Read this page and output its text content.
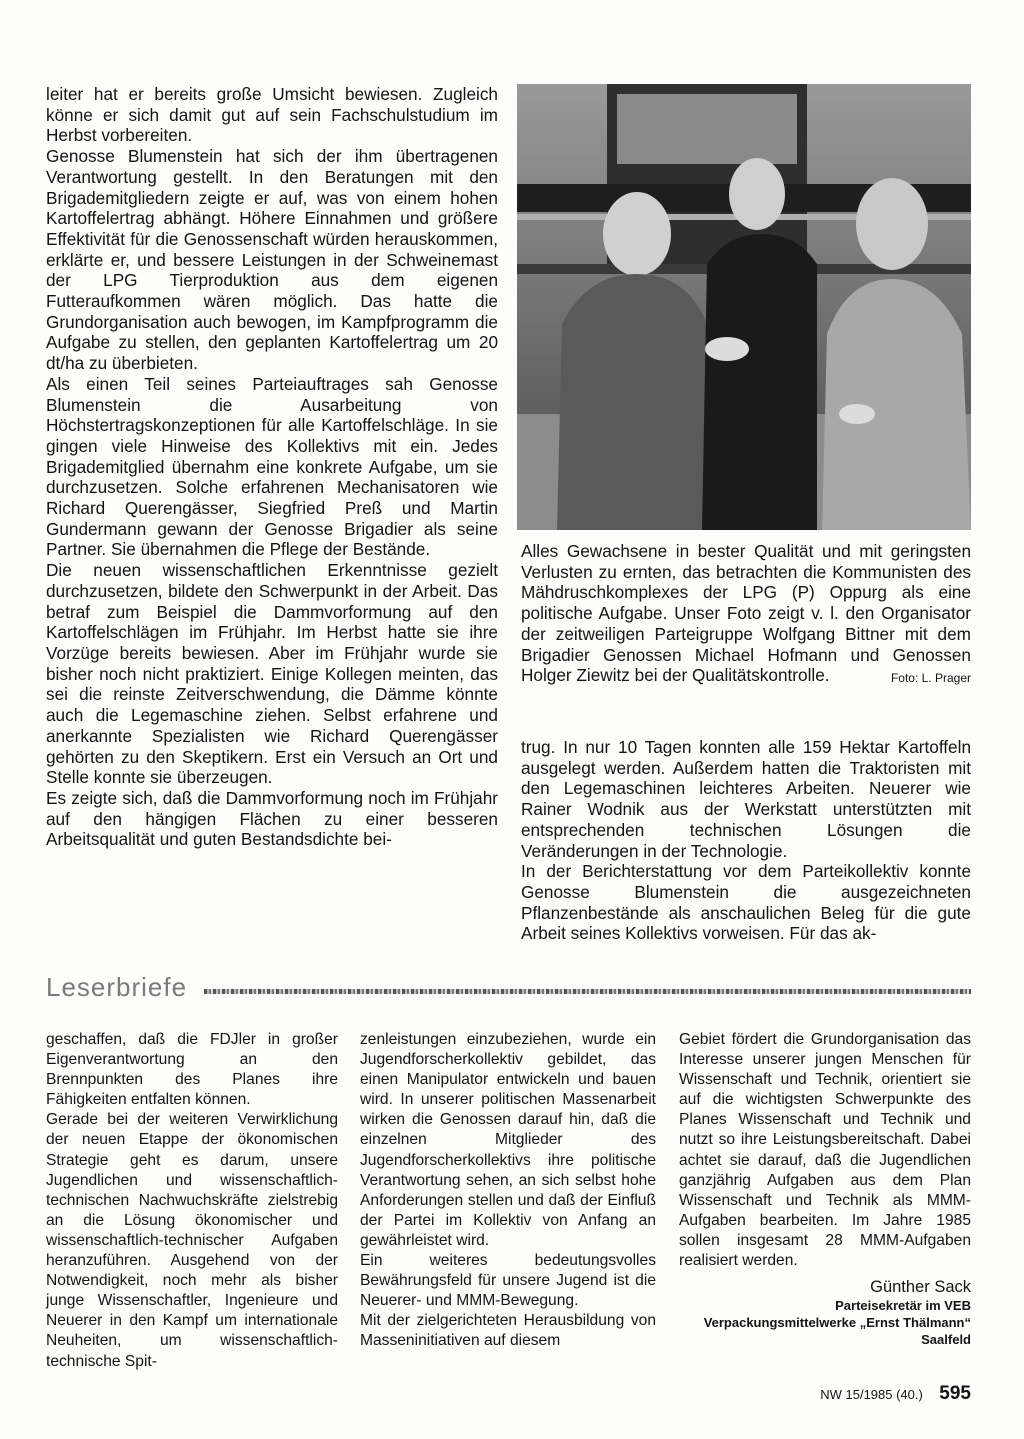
leiter hat er bereits große Umsicht bewiesen. Zugleich könne er sich damit gut auf sein Fachschulstudium im Herbst vorbereiten.

Genosse Blumenstein hat sich der ihm übertragenen Verantwortung gestellt. In den Beratungen mit den Brigademitgliedern zeigte er auf, was von einem hohen Kartoffelertrag abhängt. Höhere Einnahmen und größere Effektivität für die Genossenschaft würden herauskommen, erklärte er, und bessere Leistungen in der Schweinemast der LPG Tierproduktion aus dem eigenen Futteraufkommen wären möglich. Das hatte die Grundorganisation auch bewogen, im Kampfprogramm die Aufgabe zu stellen, den geplanten Kartoffelertrag um 20 dt/ha zu überbieten.

Als einen Teil seines Parteiauftrages sah Genosse Blumenstein die Ausarbeitung von Höchstertragskonzeptionen für alle Kartoffelschläge. In sie gingen viele Hinweise des Kollektivs mit ein. Jedes Brigademitglied übernahm eine konkrete Aufgabe, um sie durchzusetzen. Solche erfahrenen Mechanisatoren wie Richard Querengässer, Siegfried Preß und Martin Gundermann gewann der Genosse Brigadier als seine Partner. Sie übernahmen die Pflege der Bestände.

Die neuen wissenschaftlichen Erkenntnisse gezielt durchzusetzen, bildete den Schwerpunkt in der Arbeit. Das betraf zum Beispiel die Dammvorformung auf den Kartoffelschlägen im Frühjahr. Im Herbst hatte sie ihre Vorzüge bereits bewiesen. Aber im Frühjahr wurde sie bisher noch nicht praktiziert. Einige Kollegen meinten, das sei die reinste Zeitverschwendung, die Dämme könnte auch die Legemaschine ziehen. Selbst erfahrene und anerkannte Spezialisten wie Richard Querengässer gehörten zu den Skeptikern. Erst ein Versuch an Ort und Stelle konnte sie überzeugen.

Es zeigte sich, daß die Dammvorformung noch im Frühjahr auf den hängigen Flächen zu einer besseren Arbeitsqualität und guten Bestandsdichte bei-

Alles Gewachsene in bester Qualität und mit geringsten Verlusten zu ernten, das betrachten die Kommunisten des Mähdruschkomplexes der LPG (P) Oppurg als eine politische Aufgabe. Unser Foto zeigt v. l. den Organisator der zeitweiligen Parteigruppe Wolfgang Bittner mit dem Brigadier Genossen Michael Hofmann und Genossen Holger Ziewitz bei der Qualitätskontrolle.	Foto: L. Prager

trug. In nur 10 Tagen konnten alle 159 Hektar Kartoffeln ausgelegt werden. Außerdem hatten die Traktoristen mit den Legemaschinen leichteres Arbeiten. Neuerer wie Rainer Wodnik aus der Werkstatt unterstützten mit entsprechenden technischen Lösungen die Veränderungen in der Technologie.

In der Berichterstattung vor dem Parteikollektiv konnte Genosse Blumenstein die ausgezeichneten Pflanzenbestände als anschaulichen Beleg für die gute Arbeit seines Kollektivs vorweisen. Für das ak-

Leserbriefe

geschaffen, daß die FDJler in großer Eigenverantwortung an den Brennpunkten des Planes ihre Fähigkeiten entfalten können.

Gerade bei der weiteren Verwirklichung der neuen Etappe der ökonomischen Strategie geht es darum, unsere Jugendlichen und wissenschaftlich-technischen Nachwuchskräfte zielstrebig an die Lösung ökonomischer und wissenschaftlich-technischer Aufgaben heranzuführen. Ausgehend von der Notwendigkeit, noch mehr als bisher junge Wissenschaftler, Ingenieure und Neuerer in den Kampf um internationale Neuheiten, um wissenschaftlich-technische Spit-

zenleistungen einzubeziehen, wurde ein Jugendforscherkollektiv gebildet, das einen Manipulator entwickeln und bauen wird. In unserer politischen Massenarbeit wirken die Genossen darauf hin, daß die einzelnen Mitglieder des Jugendforscherkollektivs ihre politische Verantwortung sehen, an sich selbst hohe Anforderungen stellen und daß der Einfluß der Partei im Kollektiv von Anfang an gewährleistet wird.

Ein weiteres bedeutungsvolles Bewährungsfeld für unsere Jugend ist die Neuerer- und MMM-Bewegung.

Mit der zielgerichteten Herausbildung von Masseninitiativen auf diesem

Gebiet fördert die Grundorganisation das Interesse unserer jungen Menschen für Wissenschaft und Technik, orientiert sie auf die wichtigsten Schwerpunkte des Planes Wissenschaft und Technik und nutzt so ihre Leistungsbereitschaft. Dabei achtet sie darauf, daß die Jugendlichen ganzjährig Aufgaben aus dem Plan Wissenschaft und Technik als MMM-Aufgaben bearbeiten. Im Jahre 1985 sollen insgesamt 28 MMM-Aufgaben realisiert werden.

Günther Sack
Parteisekretär im VEB
Verpackungsmittelwerke „Ernst Thälmann“
Saalfeld
NW 15/1985 (40.) 595
